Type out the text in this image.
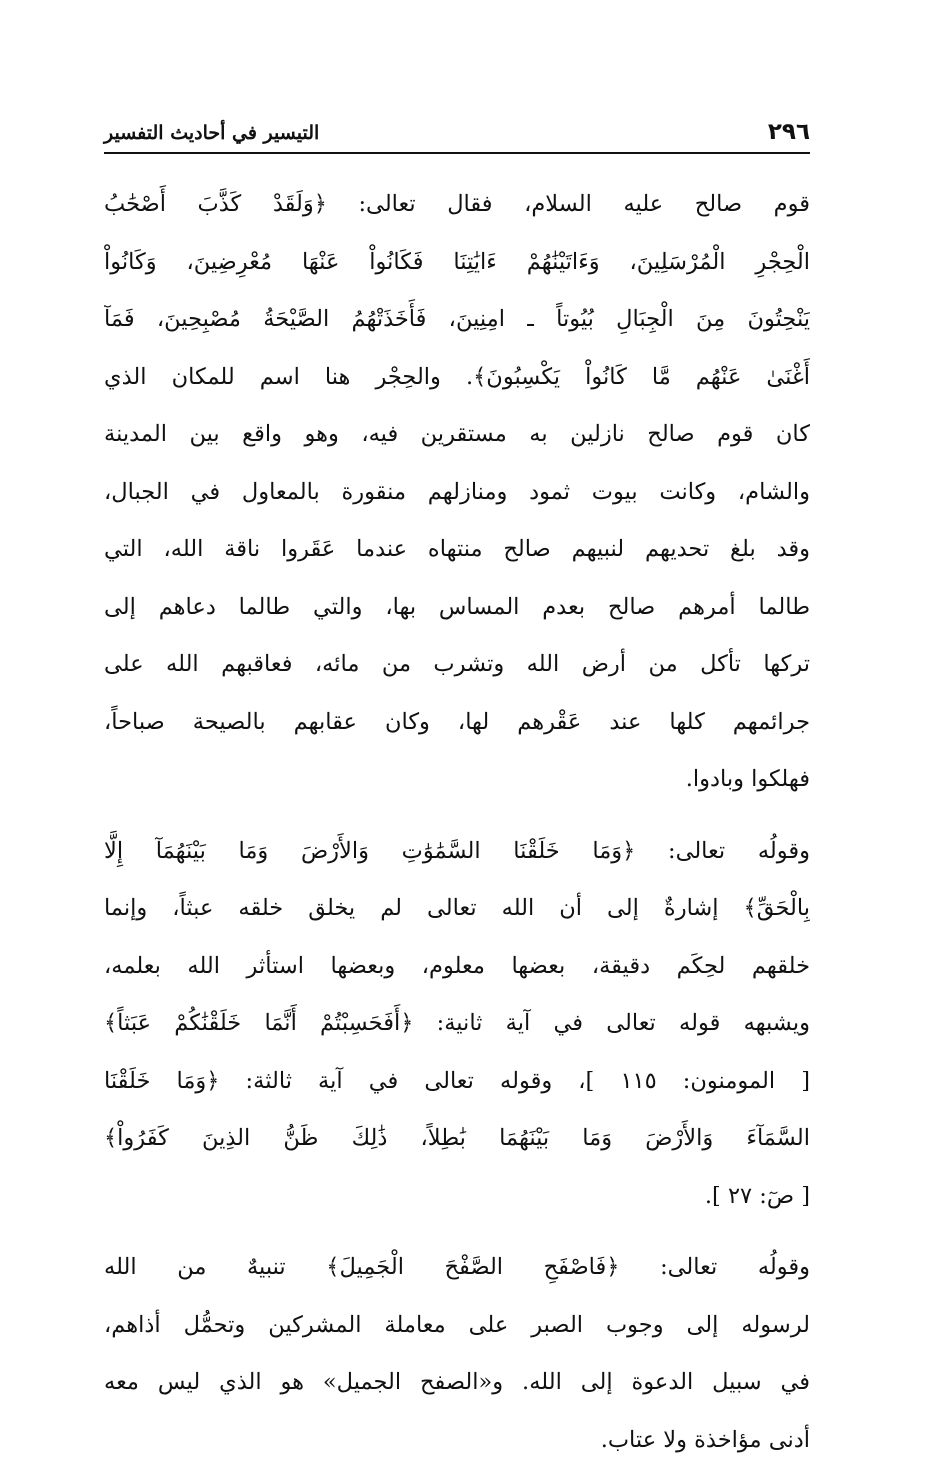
٢٩٦
التيسير في أحاديث التفسير
قوم صالح عليه السلام، فقال تعالى: ﴿وَلَقَدْ كَذَّبَ أَصْحَٰبُ
الْحِجْرِ الْمُرْسَلِينَ، وَءَاتَيْنَٰهُمْ ءَايَٰتِنَا فَكَانُواْ عَنْهَا مُعْرِضِينَ، وَكَانُواْ
يَنْحِتُونَ مِنَ الْجِبَالِ بُيُوتاً ـ امِنِينَ، فَأَخَذَتْهُمُ الصَّيْحَةُ مُصْبِحِينَ، فَمَآ
أَغْنَىٰ عَنْهُم مَّا كَانُواْ يَكْسِبُونَ﴾. والحِجْر هنا اسم للمكان الذي
كان قوم صالح نازلين به مستقرين فيه، وهو واقع بين المدينة
والشام، وكانت بيوت ثمود ومنازلهم منقورة بالمعاول في الجبال،
وقد بلغ تحديهم لنبيهم صالح منتهاه عندما عَقَروا ناقة الله، التي
طالما أمرهم صالح بعدم المساس بها، والتي طالما دعاهم إلى
تركها تأكل من أرض الله وتشرب من مائه، فعاقبهم الله على
جرائمهم كلها عند عَقْرهم لها، وكان عقابهم بالصيحة صباحاً،
فهلكوا وبادوا.
وقولُه تعالى: ﴿وَمَا خَلَقْنَا السَّمَٰوَٰتِ وَالأَرْضَ وَمَا بَيْنَهُمَآ إِلَّا
بِالْحَقِّ﴾ إشارةٌ إلى أن الله تعالى لم يخلق خلقه عبثاً، وإنما
خلقهم لحِكَم دقيقة، بعضها معلوم، وبعضها استأثر الله بعلمه،
ويشبهه قوله تعالى في آية ثانية: ﴿أَفَحَسِبْتُمْ أَنَّمَا خَلَقْنَٰكُمْ عَبَثاً﴾
[ المومنون: ١١٥ ]، وقوله تعالى في آية ثالثة: ﴿وَمَا خَلَقْنَا
السَّمَآءَ وَالأَرْضَ وَمَا بَيْنَهُمَا بَٰطِلاً، ذَٰلِكَ ظَنُّ الذِينَ كَفَرُواْ﴾
[ صٓ: ٢٧ ].
وقولُه تعالى: ﴿فَاصْفَحِ الصَّفْحَ الْجَمِيلَ﴾ تنبيهٌ من الله
لرسوله إلى وجوب الصبر على معاملة المشركين وتحمُّل أذاهم،
في سبيل الدعوة إلى الله. و«الصفح الجميل» هو الذي ليس معه
أدنى مؤاخذة ولا عتاب.
